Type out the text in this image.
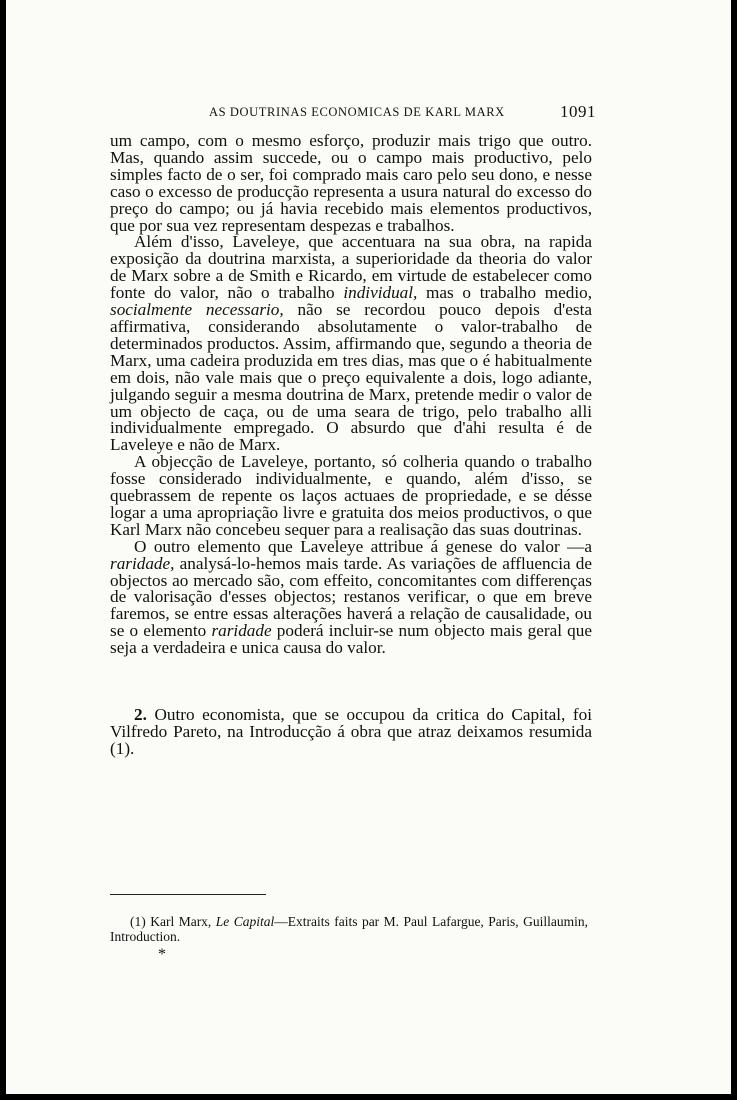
AS DOUTRINAS ECONOMICAS DE KARL MARX	1091

um campo, com o mesmo esforço, produzir mais trigo que outro. Mas, quando assim succede, ou o campo mais productivo, pelo simples facto de o ser, foi comprado mais caro pelo seu dono, e nesse caso o excesso de producção representa a usura natural do excesso do preço do campo; ou já havia recebido mais elementos productivos, que por sua vez representam despezas e trabalhos.

Além d'isso, Laveleye, que accentuara na sua obra, na rapida exposição da doutrina marxista, a superioridade da theoria do valor de Marx sobre a de Smith e Ricardo, em virtude de estabelecer como fonte do valor, não o trabalho individual, mas o trabalho medio, socialmente necessario, não se recordou pouco depois d'esta affirmativa, considerando absolutamente o valor-trabalho de determinados productos. Assim, affirmando que, segundo a theoria de Marx, uma cadeira produzida em tres dias, mas que o é habitualmente em dois, não vale mais que o preço equivalente a dois, logo adiante, julgando seguir a mesma doutrina de Marx, pretende medir o valor de um objecto de caça, ou de uma seara de trigo, pelo trabalho alli individualmente empregado. O absurdo que d'ahi resulta é de Laveleye e não de Marx.

A objecção de Laveleye, portanto, só colheria quando o trabalho fosse considerado individualmente, e quando, além d'isso, se quebrassem de repente os laços actuaes de propriedade, e se désse logar a uma apropriação livre e gratuita dos meios productivos, o que Karl Marx não concebeu sequer para a realisação das suas doutrinas.

O outro elemento que Laveleye attribue á genese do valor —a raridade, analysá-lo-hemos mais tarde. As variações de affluencia de objectos ao mercado são, com effeito, concomitantes com differenças de valorisação d'esses objectos; restanos verificar, o que em breve faremos, se entre essas alterações haverá a relação de causalidade, ou se o elemento raridade poderá incluir-se num objecto mais geral que seja a verdadeira e unica causa do valor.

2. Outro economista, que se occupou da critica do Capital, foi Vilfredo Pareto, na Introducção á obra que atraz deixamos resumida (1).

(1) Karl Marx, Le Capital—Extraits faits par M. Paul Lafargue, Paris, Guillaumin, Introduction.
*
